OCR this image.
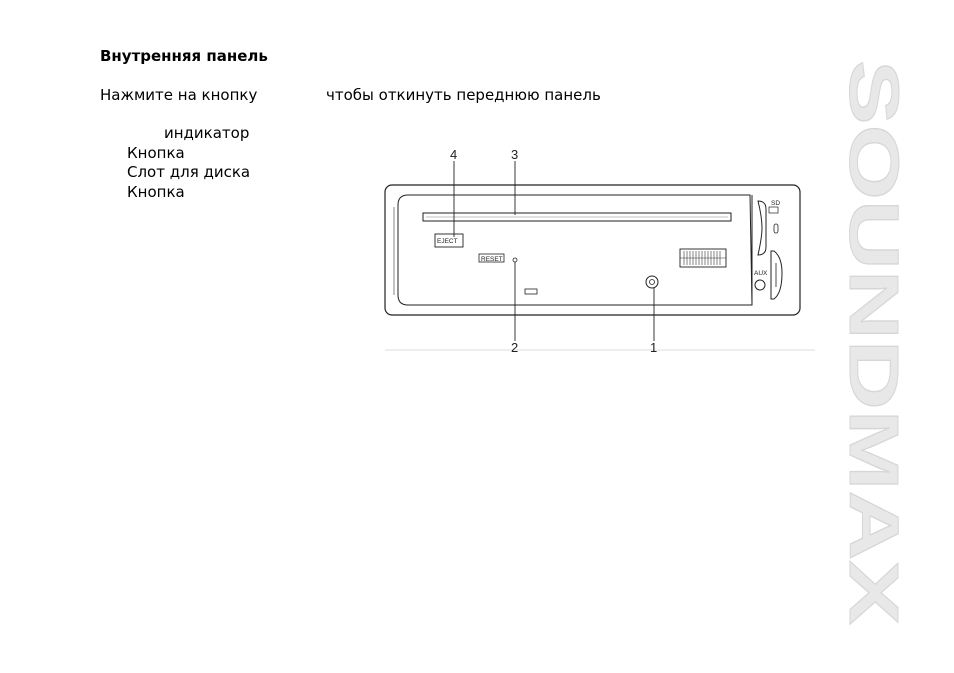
Внутренняя панель
Нажмите на кнопку	чтобы откинуть переднюю панель
индикатор
Кнопка
Слот для диска
Кнопка
EJECT
RESET
SD
AUX
4	3
2	1	SOUNDMAX
